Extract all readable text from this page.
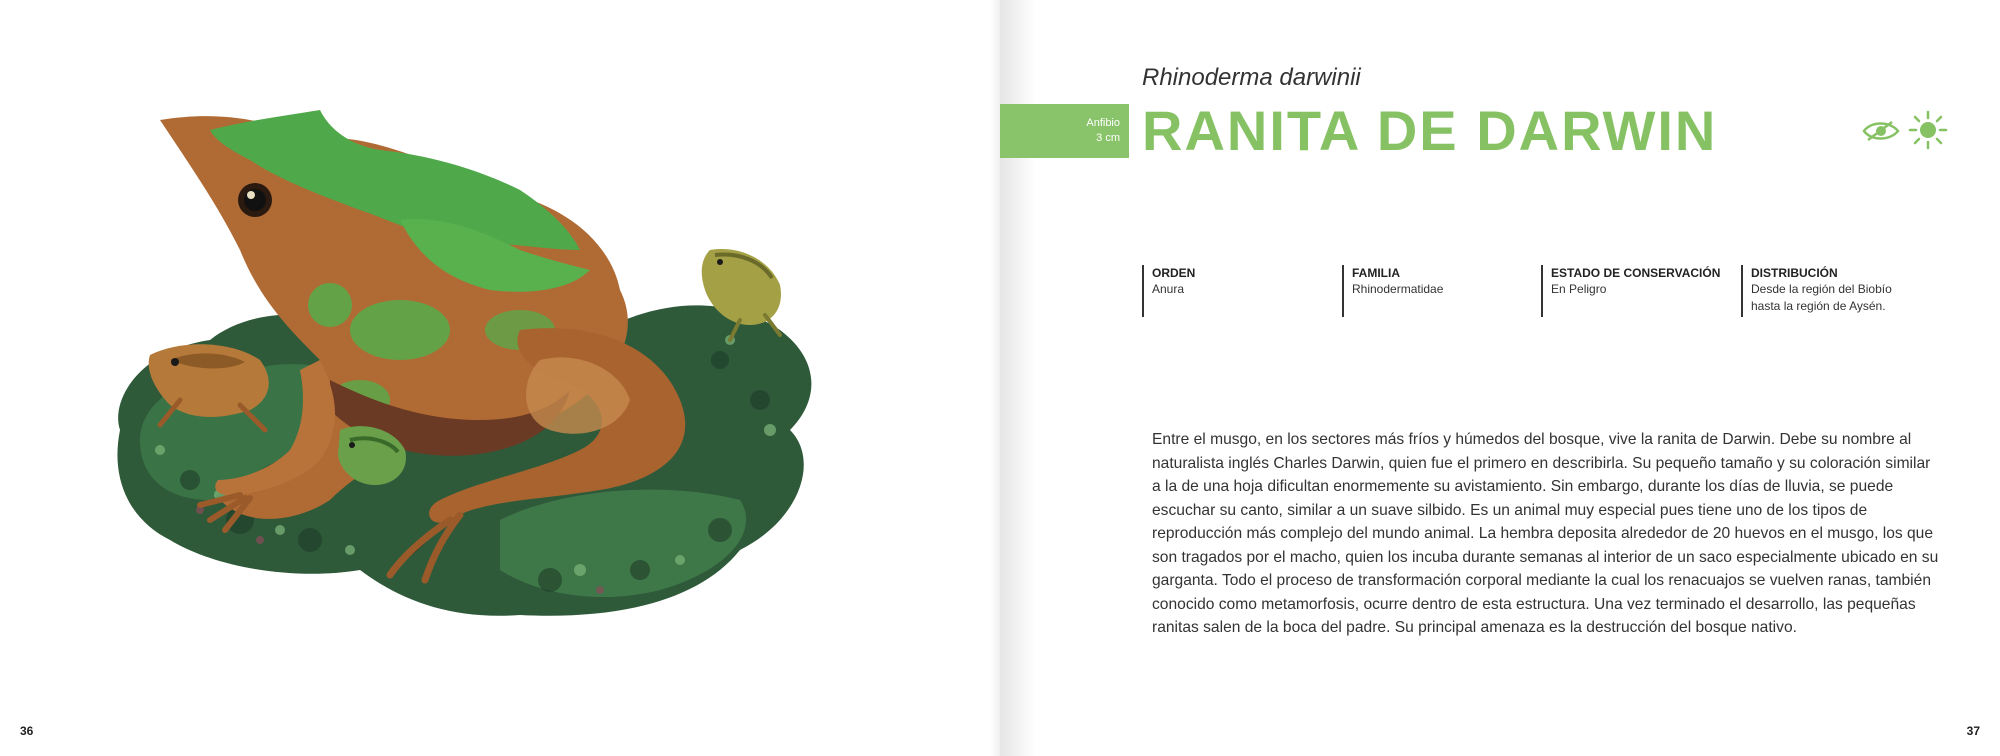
36
Rhinoderma darwinii
Anfibio
3 cm RANITA DE DARWIN
ORDEN
Anura
FAMILIA
Rhinodermatidae
ESTADO DE CONSERVACIÓN
En Peligro
DISTRIBUCIÓN
Desde la región del Biobío hasta la región de Aysén.
Entre el musgo, en los sectores más fríos y húmedos del bosque, vive la ranita de Darwin. Debe su nombre al naturalista inglés Charles Darwin, quien fue el primero en describirla. Su pequeño tamaño y su coloración similar a la de una hoja dificultan enormemente su avistamiento. Sin embargo, durante los días de lluvia, se puede escuchar su canto, similar a un suave silbido. Es un animal muy especial pues tiene uno de los tipos de reproducción más complejo del mundo animal. La hembra deposita alrededor de 20 huevos en el musgo, los que son tragados por el macho, quien los incuba durante semanas al interior de un saco especialmente ubicado en su garganta. Todo el proceso de transformación corporal mediante la cual los renacuajos se vuelven ranas, también conocido como metamorfosis, ocurre dentro de esta estructura. Una vez terminado el desarrollo, las pequeñas ranitas salen de la boca del padre. Su principal amenaza es la destrucción del bosque nativo.
37
